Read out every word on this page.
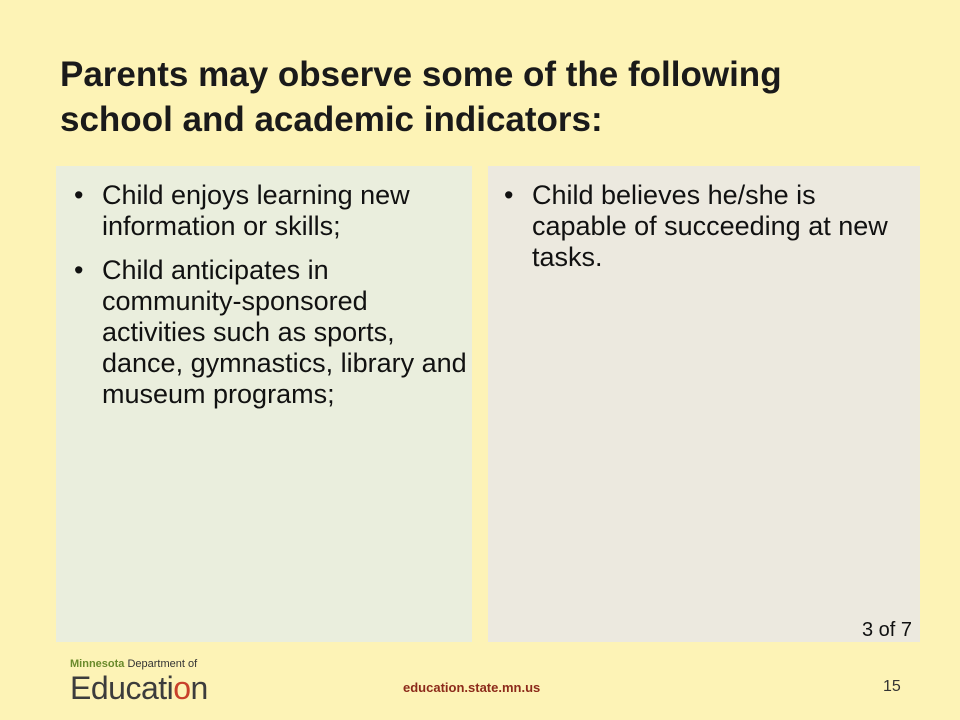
Parents may observe some of the following
school and academic indicators:
• Child enjoys learning new information or skills;
• Child anticipates in community-sponsored activities such as sports, dance, gymnastics, library and museum programs;
• Child believes he/she is capable of succeeding at new tasks.
3 of 7
Minnesota Department of
Education	education.state.mn.us	15
